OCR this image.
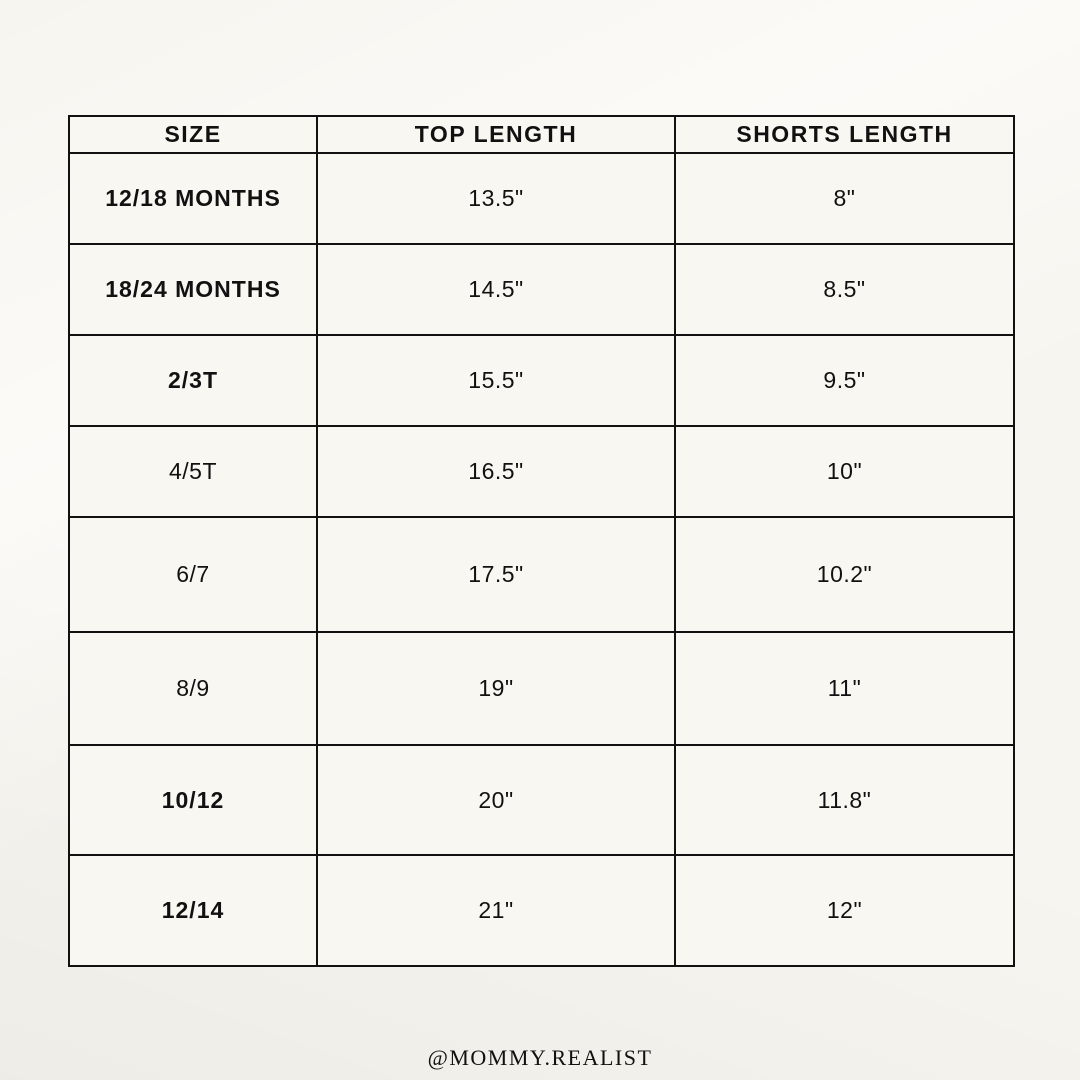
SIZE	TOP LENGTH	SHORTS LENGTH
12/18 MONTHS	13.5"	8"
18/24 MONTHS	14.5"	8.5"
2/3T	15.5"	9.5"
4/5T	16.5"	10"
6/7	17.5"	10.2"
8/9	19"	11"
10/12	20"	11.8"
12/14	21"	12"
@MOMMY.REALIST
